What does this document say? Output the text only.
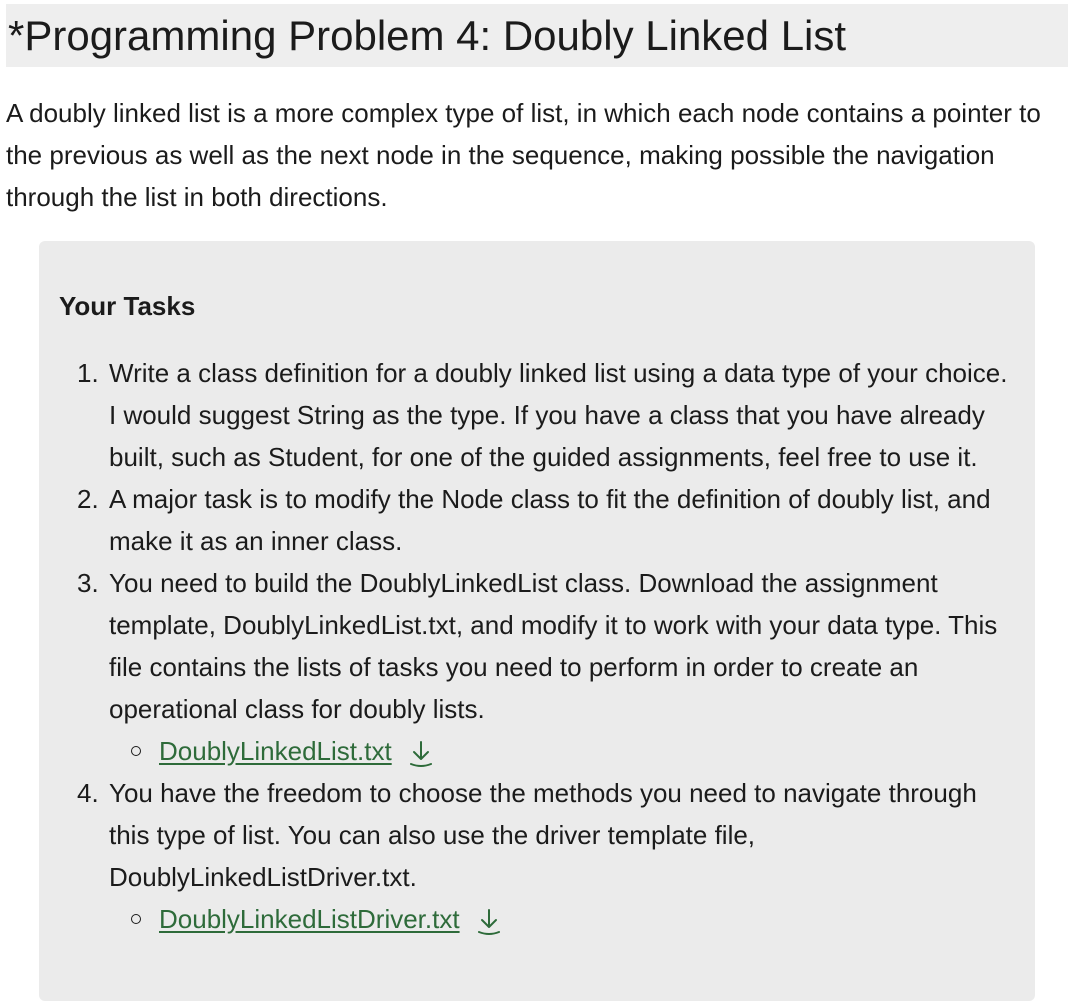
*Programming Problem 4: Doubly Linked List

A doubly linked list is a more complex type of list, in which each node contains a pointer to the previous as well as the next node in the sequence, making possible the navigation through the list in both directions.

Your Tasks
1. Write a class definition for a doubly linked list using a data type of your choice. I would suggest String as the type. If you have a class that you have already built, such as Student, for one of the guided assignments, feel free to use it.
2. A major task is to modify the Node class to fit the definition of doubly list, and make it as an inner class.
3. You need to build the DoublyLinkedList class. Download the assignment template, DoublyLinkedList.txt, and modify it to work with your data type. This file contains the lists of tasks you need to perform in order to create an operational class for doubly lists.
DoublyLinkedList.txt
4. You have the freedom to choose the methods you need to navigate through this type of list. You can also use the driver template file, DoublyLinkedListDriver.txt.
DoublyLinkedListDriver.txt
